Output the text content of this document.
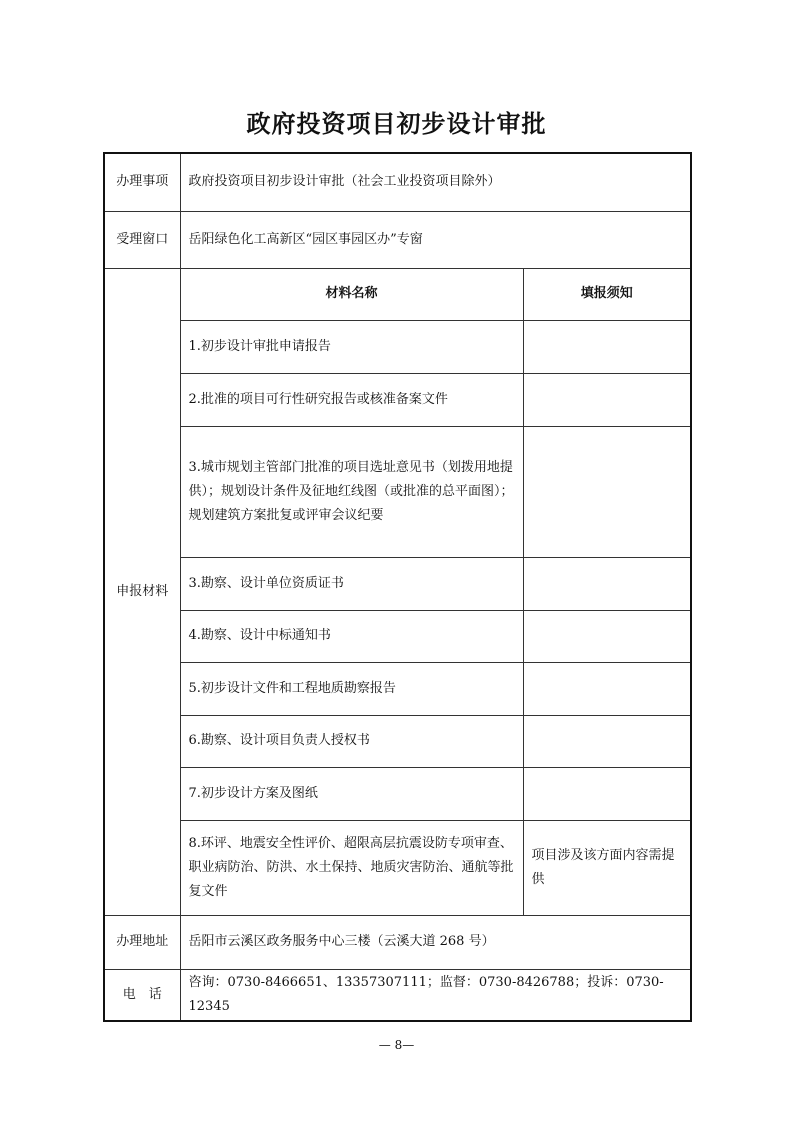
政府投资项目初步设计审批
办理事项	政府投资项目初步设计审批（社会工业投资项目除外）	
受理窗口	岳阳绿色化工高新区“园区事园区办”专窗	
申报材料	材料名称	填报须知
	1.初步设计审批申请报告	
	2.批准的项目可行性研究报告或核准备案文件	
	3.城市规划主管部门批准的项目选址意见书（划拨用地提供）；规划设计条件及征地红线图（或批准的总平面图）；规划建筑方案批复或评审会议纪要	
	3.勘察、设计单位资质证书	
	4.勘察、设计中标通知书	
	5.初步设计文件和工程地质勘察报告	
	6.勘察、设计项目负责人授权书	
	7.初步设计方案及图纸	
	8.环评、地震安全性评价、超限高层抗震设防专项审查、职业病防治、防洪、水土保持、地质灾害防治、通航等批复文件	项目涉及该方面内容需提供
办理地址	岳阳市云溪区政务服务中心三楼（云溪大道 268 号）	
电　话	咨询：0730-8466651、13357307111；监督：0730-8426788；投诉：0730-12345	
— 8—
